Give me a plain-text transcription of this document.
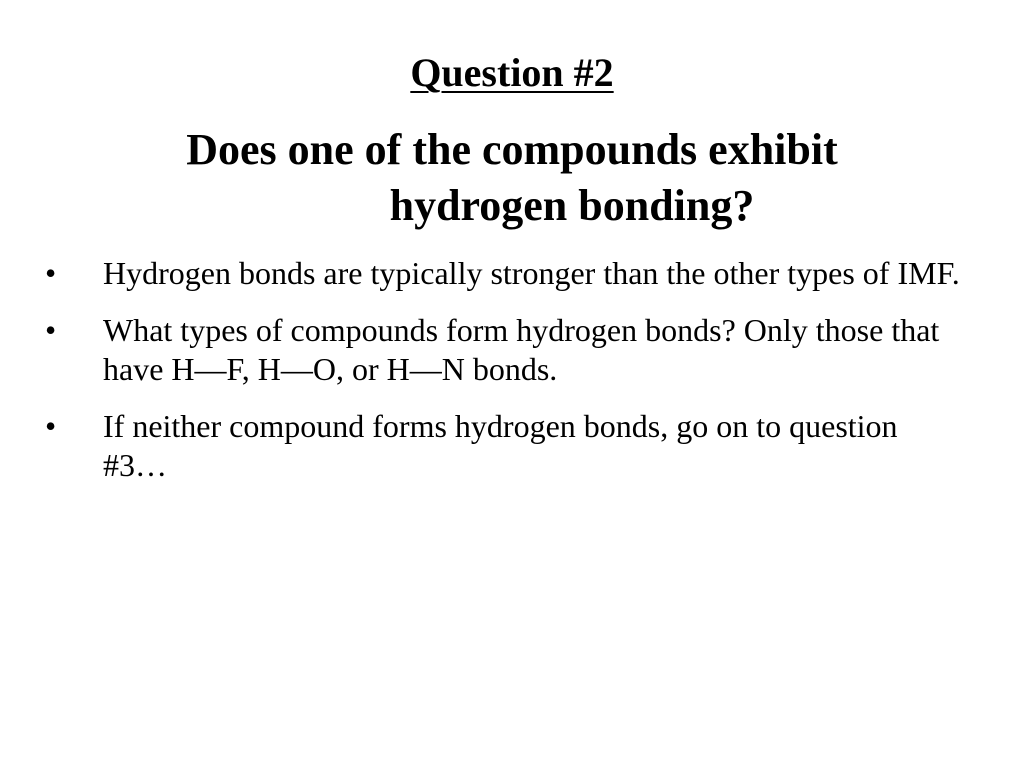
Question #2
Does one of the compounds exhibit hydrogen bonding?
• Hydrogen bonds are typically stronger than the other types of IMF.
• What types of compounds form hydrogen bonds? Only those that have H—F, H—O, or H—N bonds.
• If neither compound forms hydrogen bonds, go on to question #3…
